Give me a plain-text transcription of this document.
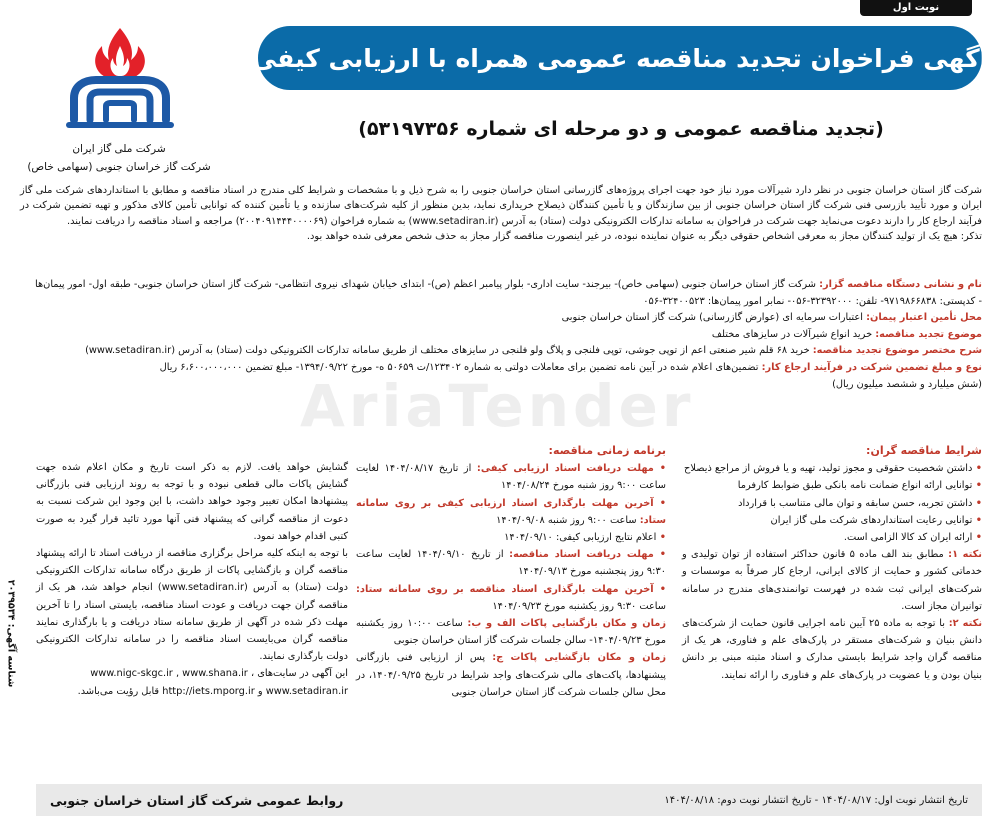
نوبت اول
آگهی فراخوان تجدید مناقصه عمومی همراه با ارزیابی کیفی
(تجدید مناقصه عمومی و دو مرحله ای شماره ۵۳۱۹۷۳۵۶)
شرکت ملی گاز ایران
شرکت گاز خراسان جنوبی (سهامی خاص)

شرکت گاز استان خراسان جنوبی در نظر دارد شیرآلات مورد نیاز خود جهت اجرای پروژه‌های گازرسانی استان خراسان جنوبی را به شرح ذیل و با مشخصات و شرایط کلی مندرج در اسناد مناقصه و مطابق با استانداردهای شرکت ملی گاز ایران و مورد تأیید بازرسی فنی شرکت گاز استان خراسان جنوبی از بین سازندگان و یا تأمین کنندگان ذیصلاح خریداری نماید، بدین منظور از کلیه شرکت‌های سازنده و یا تأمین کننده که توانایی تأمین کالای مذکور و تهیه تضمین شرکت در فرآیند ارجاع کار را دارند دعوت می‌نماید جهت شرکت در فراخوان به سامانه تدارکات الکترونیکی دولت (ستاد) به آدرس (www.setadiran.ir) به شماره فراخوان (۲۰۰۴۰۹۱۴۴۴۰۰۰۰۶۹) مراجعه و اسناد مناقصه را دریافت نمایند.

تذکر: هیچ یک از تولید کنندگان مجاز به معرفی اشخاص حقوقی دیگر به عنوان نماینده نبوده، در غیر اینصورت مناقصه گزار مجاز به حذف شخص معرفی شده خواهد بود.

AriaTender
نام و نشانی دستگاه مناقصه گزار: شرکت گاز استان خراسان جنوبی (سهامی خاص)- بیرجند- سایت اداری- بلوار پیامبر اعظم (ص)- ابتدای خیابان شهدای نیروی انتظامی- شرکت گاز استان خراسان جنوبی- طبقه اول- امور پیمان‌ها
- کدپستی: ۹۷۱۹۸۶۶۸۳۸- تلفن: ۳۲۳۹۲۰۰۰-۰۵۶- نمابر امور پیمان‌ها: ۳۲۴۰۰۵۲۳-۰۵۶
محل تأمین اعتبار پیمان: اعتبارات سرمایه ای (عوارض گازرسانی) شرکت گاز استان خراسان جنوبی
موضوع تجدید مناقصه: خرید انواع شیرآلات در سایزهای مختلف
شرح مختصر موضوع تجدید مناقصه: خرید ۶۸ قلم شیر صنعتی اعم از توپی جوشی، توپی فلنجی و پلاگ ولو فلنجی در سایزهای مختلف از طریق سامانه تدارکات الکترونیکی دولت (ستاد) به آدرس (www.setadiran.ir)
نوع و مبلغ تضمین شرکت در فرآیند ارجاع کار: تضمین‌های اعلام شده در آیین نامه تضمین برای معاملات دولتی به شماره ۱۲۳۴۰۲/ت ۵۰۶۵۹ ه- مورخ ۱۳۹۴/۰۹/۲۲- مبلغ تضمین ۶،۶۰۰،۰۰۰،۰۰۰ ریال
(شش میلیارد و ششصد میلیون ریال)
شرایط مناقصه گران:

• داشتن شخصیت حقوقی و مجوز تولید، تهیه و یا فروش از مراجع ذیصلاح

• توانایی ارائه انواع ضمانت نامه بانکی طبق ضوابط کارفرما

• داشتن تجربه، حسن سابقه و توان مالی متناسب با قرارداد

• توانایی رعایت استانداردهای شرکت ملی گاز ایران

• ارائه ایران کد کالا الزامی است.

نکته ۱: مطابق بند الف ماده ۵ قانون حداکثر استفاده از توان تولیدی و خدماتی کشور و حمایت از کالای ایرانی، ارجاع کار صرفاً به موسسات و شرکت‌های ایرانی ثبت شده در فهرست توانمندی‌های مندرج در سامانه توانیران مجاز است.

نکته ۲: با توجه به ماده ۲۵ آیین نامه اجرایی قانون حمایت از شرکت‌های دانش بنیان و شرکت‌های مستقر در پارک‌های علم و فناوری، هر یک از مناقصه گران واجد شرایط بایستی مدارک و اسناد مثبته مبنی بر دانش بنیان بودن و یا عضویت در پارک‌های علم و فناوری را ارائه نمایند.

برنامه زمانی مناقصه:

• مهلت دریافت اسناد ارزیابی کیفی: از تاریخ ۱۴۰۴/۰۸/۱۷ لغایت ساعت ۹:۰۰ روز شنبه مورخ ۱۴۰۴/۰۸/۲۴

• آخرین مهلت بارگذاری اسناد ارزیابی کیفی بر روی سامانه ستاد: ساعت ۹:۰۰ روز شنبه ۱۴۰۴/۰۹/۰۸

• اعلام نتایج ارزیابی کیفی: ۱۴۰۴/۰۹/۱۰

• مهلت دریافت اسناد مناقصه: از تاریخ ۱۴۰۴/۰۹/۱۰ لغایت ساعت ۹:۳۰ روز پنجشنبه مورخ ۱۴۰۴/۰۹/۱۳

• آخرین مهلت بارگذاری اسناد مناقصه بر روی سامانه ستاد: ساعت ۹:۳۰ روز یکشنبه مورخ ۱۴۰۴/۰۹/۲۳

زمان و مکان بازگشایی پاکات الف و ب: ساعت ۱۰:۰۰ روز یکشنبه مورخ ۱۴۰۴/۰۹/۲۳- سالن جلسات شرکت گاز استان خراسان جنوبی

زمان و مکان بازگشایی پاکات ج: پس از ارزیابی فنی بازرگانی پیشنهادها، پاکت‌های مالی شرکت‌های واجد شرایط در تاریخ ۱۴۰۴/۰۹/۲۵، در محل سالن جلسات شرکت گاز استان خراسان جنوبی

گشایش خواهد یافت. لازم به ذکر است تاریخ و مکان اعلام شده جهت گشایش پاکات مالی قطعی نبوده و با توجه به روند ارزیابی فنی بازرگانی پیشنهادها امکان تغییر وجود خواهد داشت، با این وجود این شرکت نسبت به دعوت از مناقصه گرانی که پیشنهاد فنی آنها مورد تائید قرار گیرد به صورت کتبی اقدام خواهد نمود.

با توجه به اینکه کلیه مراحل برگزاری مناقصه از دریافت اسناد تا ارائه پیشنهاد مناقصه گران و بازگشایی پاکات از طریق درگاه سامانه تدارکات الکترونیکی دولت (ستاد) به آدرس (www.setadiran.ir) انجام خواهد شد، هر یک از مناقصه گران جهت دریافت و عودت اسناد مناقصه، بایستی اسناد را تا آخرین مهلت ذکر شده در آگهی از طریق سامانه ستاد دریافت و یا بارگذاری نمایند مناقصه گران می‌بایست اسناد مناقصه را در سامانه تدارکات الکترونیکی دولت بارگذاری نمایند.

این آگهی در سایت‌های ، www.nigc-skgc.ir , www.shana.ir

www.setadiran.ir و http://iets.mporg.ir قابل رؤیت می‌باشد.

شناسه آگهی: ۲۰۳۹۵۳۴
تاریخ انتشار نوبت اول: ۱۴۰۴/۰۸/۱۷ - تاریخ انتشار نوبت دوم: ۱۴۰۴/۰۸/۱۸
روابط عمومی شرکت گاز استان خراسان جنوبی
